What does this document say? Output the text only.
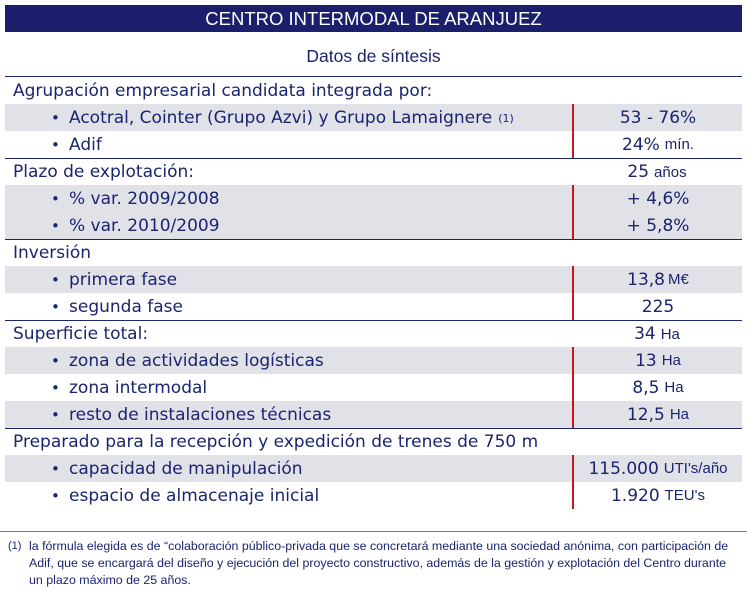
CENTRO INTERMODAL DE ARANJUEZ
Datos de síntesis
Agrupación empresarial candidata integrada por:
• Acotral, Cointer (Grupo Azvi) y Grupo Lamaignere (1)	53 - 76%
• Adif	24% mín.
Plazo de explotación:	25 años
• % var. 2009/2008	+ 4,6%
• % var. 2010/2009	+ 5,8%
Inversión
• primera fase	13,8 M€
• segunda fase	225
Superficie total:	34 Ha
• zona de actividades logísticas	13 Ha
• zona intermodal	8,5 Ha
• resto de instalaciones técnicas	12,5 Ha
Preparado para la recepción y expedición de trenes de 750 m
• capacidad de manipulación	115.000 UTI's/año
• espacio de almacenaje inicial	1.920 TEU's
(1) la fórmula elegida es de “colaboración público-privada que se concretará mediante una sociedad anónima, con participación de Adif, que se encargará del diseño y ejecución del proyecto constructivo, además de la gestión y explotación del Centro durante un plazo máximo de 25 años.
